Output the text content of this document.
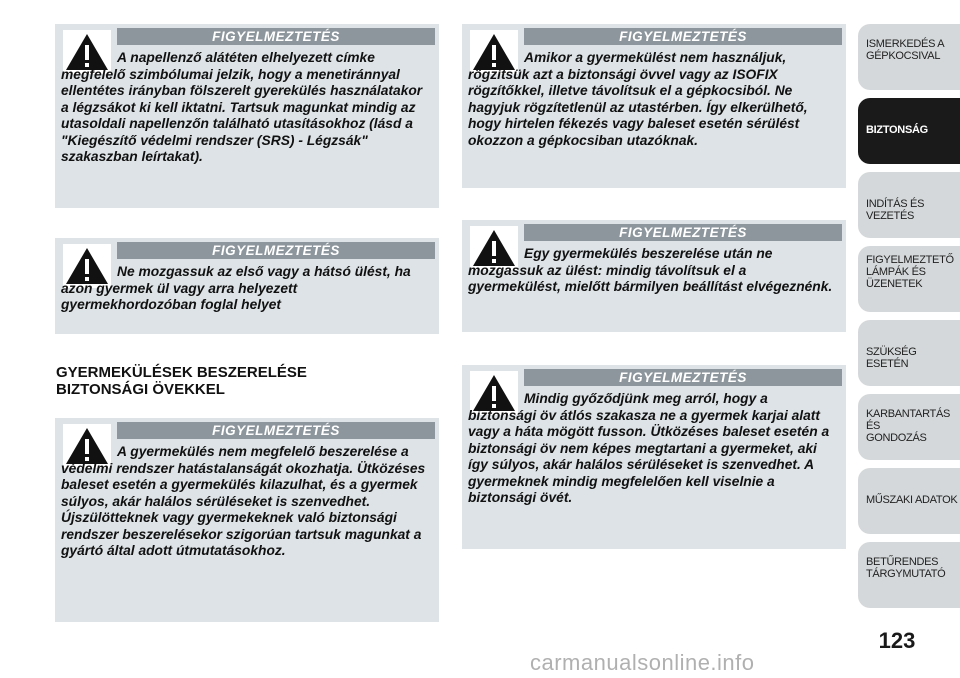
FIGYELMEZTETÉS

A napellenző alátéten elhelyezett címke megfelelő szimbólumai jelzik, hogy a menetiránnyal ellentétes irányban fölszerelt gyerekülés használatakor a légzsákot ki kell iktatni. Tartsuk magunkat mindig az utasoldali napellenzőn található utasításokhoz (lásd a "Kiegészítő védelmi rendszer (SRS) - Légzsák" szakaszban leírtakat).

FIGYELMEZTETÉS

Ne mozgassuk az első vagy a hátsó ülést, ha azon gyermek ül vagy arra helyezett gyermekhordozóban foglal helyet

GYERMEKÜLÉSEK BESZERELÉSE
BIZTONSÁGI ÖVEKKEL
FIGYELMEZTETÉS

A gyermekülés nem megfelelő beszerelése a védelmi rendszer hatástalanságát okozhatja. Ütközéses baleset esetén a gyermekülés kilazulhat, és a gyermek súlyos, akár halálos sérüléseket is szenvedhet. Újszülötteknek vagy gyermekeknek való biztonsági rendszer beszerelésekor szigorúan tartsuk magunkat a gyártó által adott útmutatásokhoz.

FIGYELMEZTETÉS

Amikor a gyermekülést nem használjuk, rögzítsük azt a biztonsági övvel vagy az ISOFIX rögzítőkkel, illetve távolítsuk el a gépkocsiból. Ne hagyjuk rögzítetlenül az utastérben. Így elkerülhető, hogy hirtelen fékezés vagy baleset esetén sérülést okozzon a gépkocsiban utazóknak.

FIGYELMEZTETÉS

Egy gyermekülés beszerelése után ne mozgassuk az ülést: mindig távolítsuk el a gyermekülést, mielőtt bármilyen beállítást elvégeznénk.

FIGYELMEZTETÉS

Mindig győződjünk meg arról, hogy a biztonsági öv átlós szakasza ne a gyermek karjai alatt vagy a háta mögött fusson. Ütközéses baleset esetén a biztonsági öv nem képes megtartani a gyermeket, aki így súlyos, akár halálos sérüléseket is szenvedhet. A gyermeknek mindig megfelelően kell viselnie a biztonsági övét.

ISMERKEDÉS A
GÉPKOCSIVAL
BIZTONSÁG
INDÍTÁS ÉS VEZETÉS
FIGYELMEZTETŐ
LÁMPÁK ÉS
ÜZENETEK
SZÜKSÉG ESETÉN
KARBANTARTÁS ÉS
GONDOZÁS
MŰSZAKI ADATOK
BETŰRENDES
TÁRGYMUTATÓ
123
carmanualsonline.info
